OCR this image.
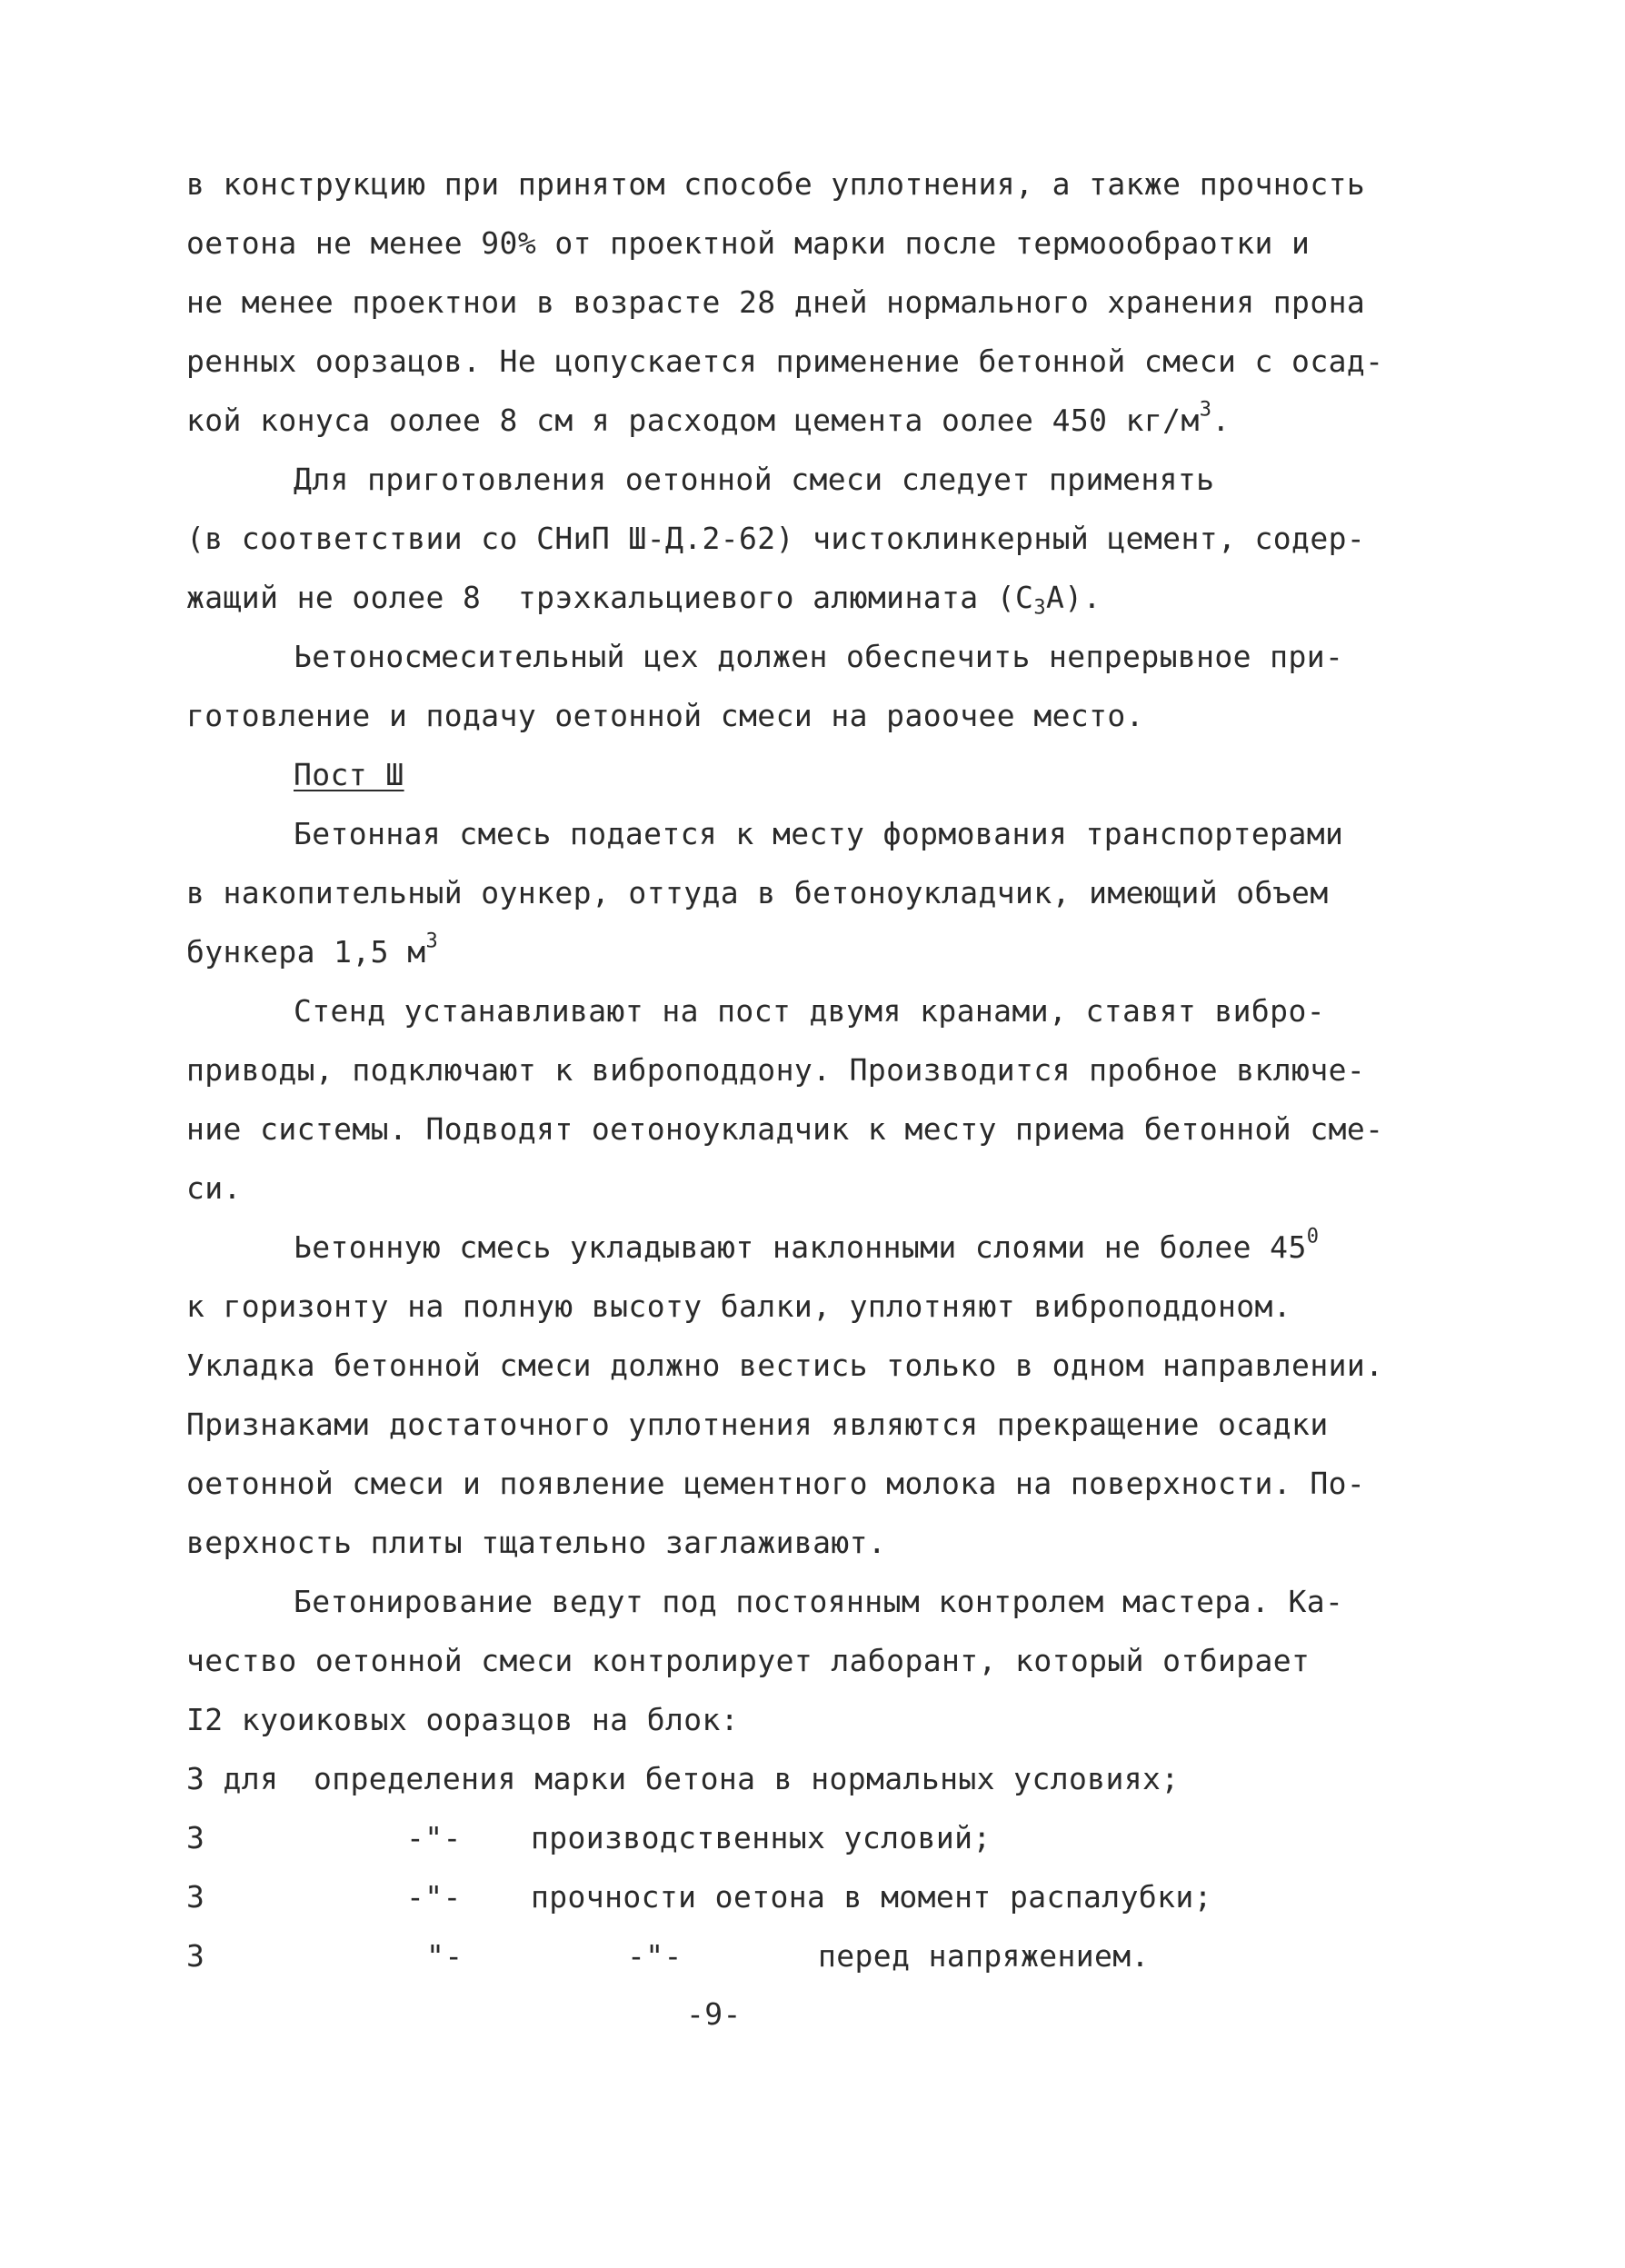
в конструкцию при принятом способе уплотнения, а также прочность
оетона не менее 90% от проектной марки после термоообраотки и
не менее проектнои в возрасте 28 дней нормального хранения прона
ренных оорзацов. Не цопускается применение бетонной смеси с осад-
кой конуса оолее 8 см я расходом цемента оолее 450 $кг/м^3$.
Для приготовления оетонной смеси следует применять
(в соответствии со СНиП Ш-Д.2-62) чистоклинкерный цемент, содер-
жащий не оолее 8  трэхкальциевого алюмината $(С_3А)$.
Ьетоносмесительный цех должен обеспечить непрерывное при-
готовление и подачу оетонной смеси на раоочее место.
Пост Ш
Бетонная смесь подается к месту формования транспортерами
в накопительный оункер, оттуда в бетоноукладчик, имеющий объем
бункера 1,5 $м^3$
Стенд устанавливают на пост двумя кранами, ставят вибро-
приводы, подключают к виброподдону. Производится пробное включе-
ние системы. Подводят оетоноукладчик к месту приема бетонной сме-
си.
Ьетонную смесь укладывают наклонными слоями не более $45^0$
к горизонту на полную высоту балки, уплотняют виброподдоном.
Укладка бетонной смеси должно вестись только в одном направлении.
Признаками достаточного уплотнения являются прекращение осадки
оетонной смеси и появление цементного молока на поверхности. По-
верхность плиты тщательно заглаживают.
Бетонирование ведут под постоянным контролем мастера. Ка-
чество оетонной смеси контролирует лаборант, который отбирает
I2 куоиковых ооразцов на блок:
3 для определения марки бетона в нормальных условиях;
3	-"- производственных условий;
3	-"- прочности оетона в момент распалубки;
3	"-	-"-	перед напряжением.
-9-
